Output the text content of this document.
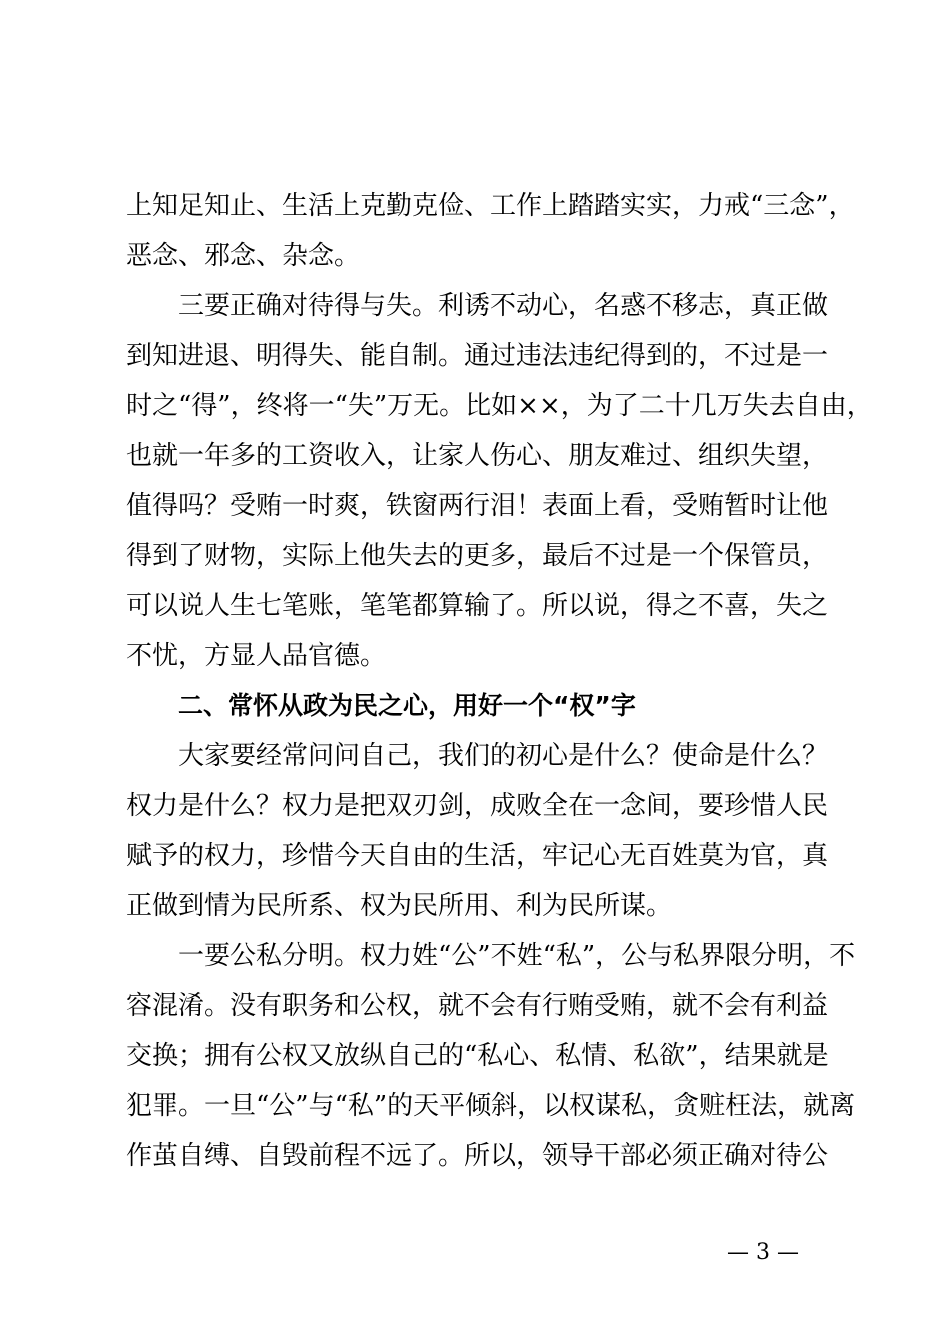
上知足知止、生活上克勤克俭、工作上踏踏实实，力戒“三念”，
恶念、邪念、杂念。
三要正确对待得与失。利诱不动心，名惑不移志，真正做
到知进退、明得失、能自制。通过违法违纪得到的，不过是一
时之“得”，终将一“失”万无。比如××，为了二十几万失去自由，
也就一年多的工资收入，让家人伤心、朋友难过、组织失望，
值得吗？受贿一时爽，铁窗两行泪！表面上看，受贿暂时让他
得到了财物，实际上他失去的更多，最后不过是一个保管员，
可以说人生七笔账，笔笔都算输了。所以说，得之不喜，失之
不忧，方显人品官德。
二、常怀从政为民之心，用好一个“权”字
大家要经常问问自己，我们的初心是什么？使命是什么？
权力是什么？权力是把双刃剑，成败全在一念间，要珍惜人民
赋予的权力，珍惜今天自由的生活，牢记心无百姓莫为官，真
正做到情为民所系、权为民所用、利为民所谋。
一要公私分明。权力姓“公”不姓“私”，公与私界限分明，不
容混淆。没有职务和公权，就不会有行贿受贿，就不会有利益
交换；拥有公权又放纵自己的“私心、私情、私欲”，结果就是
犯罪。一旦“公”与“私”的天平倾斜，以权谋私，贪赃枉法，就离
作茧自缚、自毁前程不远了。所以，领导干部必须正确对待公
— 3 —
